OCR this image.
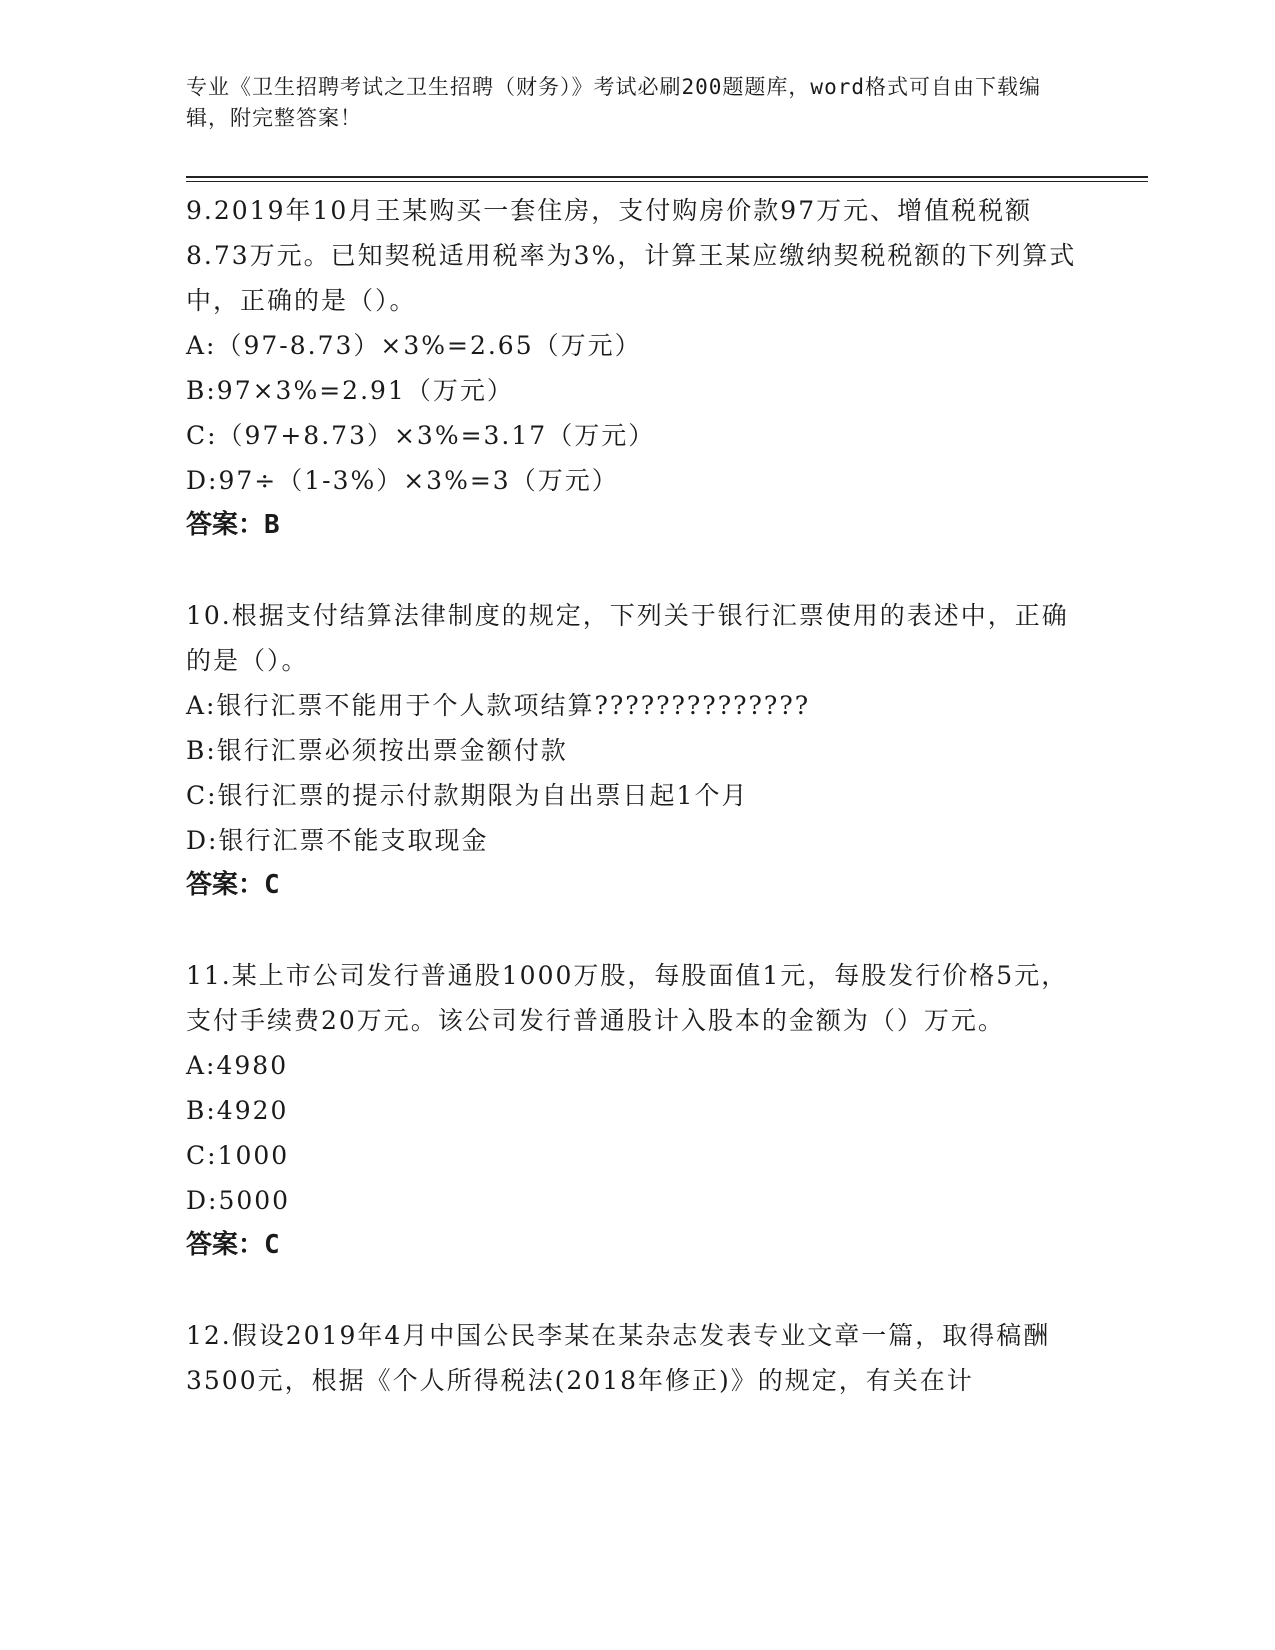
专业《卫生招聘考试之卫生招聘（财务）》考试必刷200题题库，word格式可自由下载编辑，附完整答案！

9.2019年10月王某购买一套住房，支付购房价款97万元、增值税税额8.73万元。已知契税适用税率为3%，计算王某应缴纳契税税额的下列算式中，正确的是（）。

A:（97-8.73）×3%=2.65（万元）

B:97×3%=2.91（万元）

C:（97+8.73）×3%=3.17（万元）

D:97÷（1-3%）×3%=3（万元）

答案：B

10.根据支付结算法律制度的规定，下列关于银行汇票使用的表述中，正确的是（）。

A:银行汇票不能用于个人款项结算??????????????

B:银行汇票必须按出票金额付款

C:银行汇票的提示付款期限为自出票日起1个月

D:银行汇票不能支取现金

答案：C

11.某上市公司发行普通股1000万股，每股面值1元，每股发行价格5元，支付手续费20万元。该公司发行普通股计入股本的金额为（）万元。

A:4980

B:4920

C:1000

D:5000

答案：C

12.假设2019年4月中国公民李某在某杂志发表专业文章一篇，取得稿酬3500元，根据《个人所得税法(2018年修正)》的规定，有关在计
